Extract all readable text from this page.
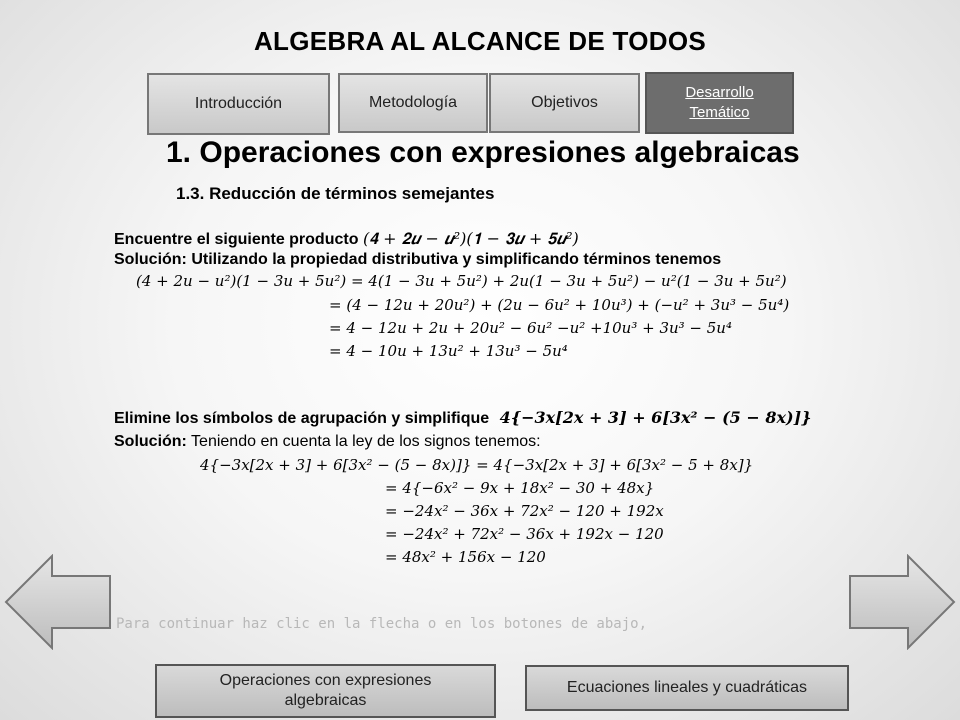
ALGEBRA AL ALCANCE DE TODOS
Introducción	Metodología	Objetivos
Desarrollo
Temático
1. Operaciones con expresiones algebraicas
1.3. Reducción de términos semejantes
Encuentre el siguiente producto (𝟒 + 𝟐𝒖 − 𝒖²)(𝟏 − 𝟑𝒖 + 𝟓𝒖²)
Solución: Utilizando la propiedad distributiva y simplificando términos tenemos
(4 + 2u − u²)(1 − 3u + 5u²) = 4(1 − 3u + 5u²) + 2u(1 − 3u + 5u²) − u²(1 − 3u + 5u²)
= (4 − 12u + 20u²) + (2u − 6u² + 10u³) + (−u² + 3u³ − 5u⁴)
= 4 − 12u + 2u + 20u² − 6u² −u² +10u³ + 3u³ − 5u⁴
= 4 − 10u + 13u² + 13u³ − 5u⁴
Elimine los símbolos de agrupación y simplifique 4{−3x[2x + 3] + 6[3x² − (5 − 8x)]}
Solución: Teniendo en cuenta la ley de los signos tenemos:
4{−3x[2x + 3] + 6[3x² − (5 − 8x)]} = 4{−3x[2x + 3] + 6[3x² − 5 + 8x]}
= 4{−6x² − 9x + 18x² − 30 + 48x}
= −24x² − 36x + 72x² − 120 + 192x
= −24x² + 72x² − 36x + 192x − 120
= 48x² + 156x − 120
Para continuar haz clic en la flecha o en los botones de abajo,
Operaciones con expresiones
algebraicas
Ecuaciones lineales y cuadráticas
